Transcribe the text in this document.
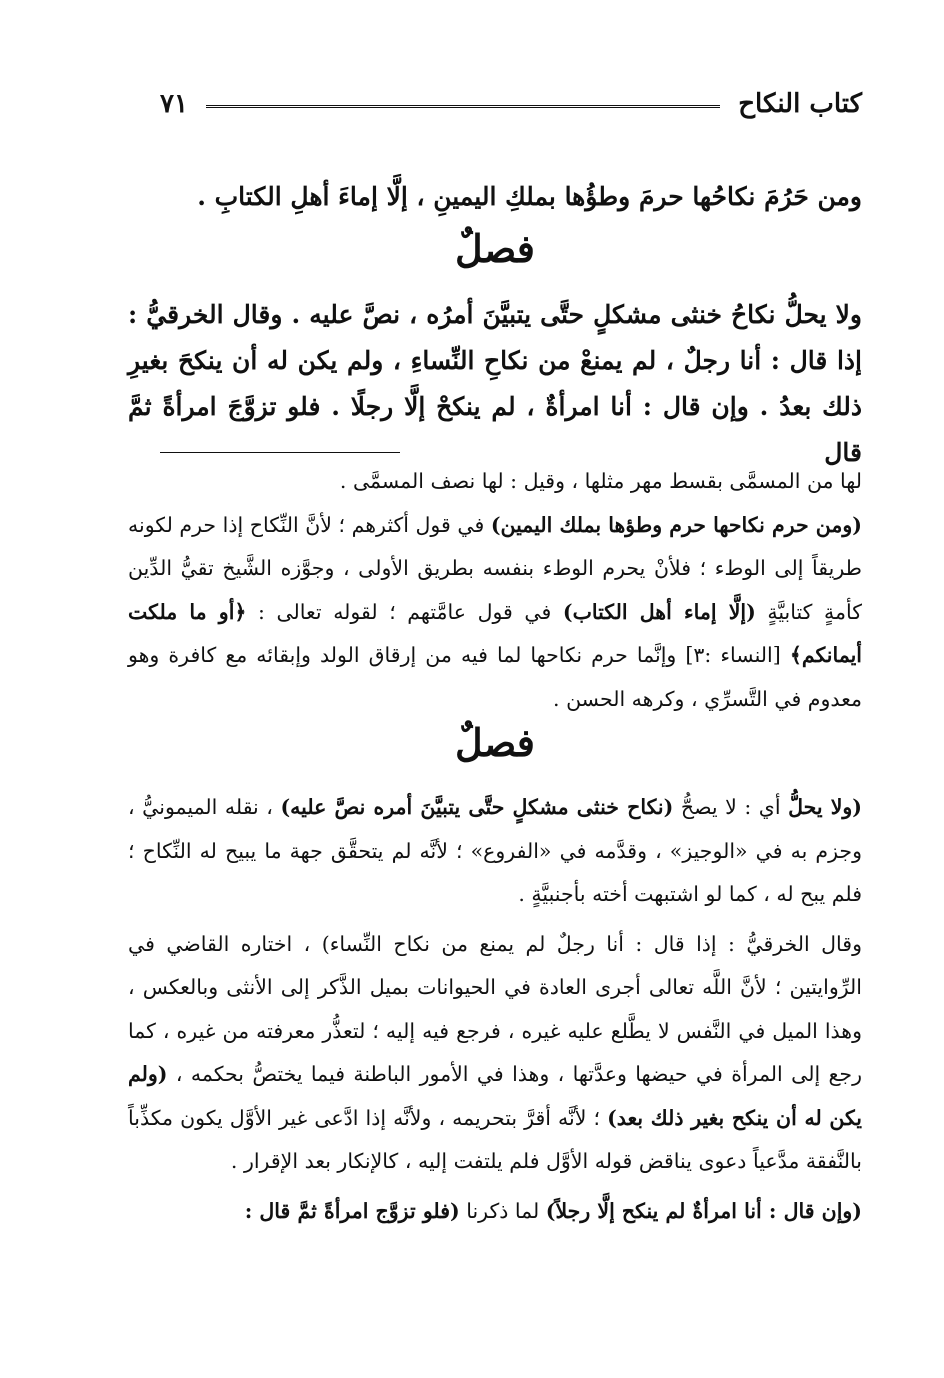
كتاب النكاح
٧١
ومن حَرُمَ نكاحُها حرمَ وطؤُها بملكِ اليمينِ ، إلَّا إماءَ أهلِ الكتابِ .
فصلٌ
ولا يحلُّ نكاحُ خنثى مشكلٍ حتَّى يتبيَّنَ أمرُه ، نصَّ عليه . وقال الخرقيُّ : إذا قال : أنا رجلٌ ، لم يمنعْ من نكاحِ النِّساءِ ، ولم يكن له أن ينكحَ بغيرِ ذلك بعدُ . وإن قال : أنا امرأةٌ ، لم ينكحْ إلَّا رجلًا . فلو تزوَّجَ امرأةً ثمَّ قال

لها من المسمَّى بقسط مهر مثلها ، وقيل : لها نصف المسمَّى .

(ومن حرم نكاحها حرم وطؤها بملك اليمين) في قول أكثرهم ؛ لأنَّ النِّكاح إذا حرم لكونه طريقاً إلى الوطء ؛ فلأنْ يحرم الوطء بنفسه بطريق الأولى ، وجوَّزه الشَّيخ تقيُّ الدِّين كأمةٍ كتابيَّةٍ (إلَّا إماء أهل الكتاب) في قول عامَّتهم ؛ لقوله تعالى : ﴿أو ما ملكت أيمانكم﴾ [النساء :٣] وإنَّما حرم نكاحها لما فيه من إرقاق الولد وإبقائه مع كافرة وهو معدوم في التَّسرِّي ، وكرهه الحسن .

فصلٌ

(ولا يحلُّ أي : لا يصحُّ (نكاح خنثى مشكلٍ حتَّى يتبيَّنَ أمره نصَّ عليه) ، نقله الميمونيُّ ، وجزم به في «الوجيز» ، وقدَّمه في «الفروع» ؛ لأنَّه لم يتحقَّق جهة ما يبيح له النِّكاح ؛ فلم يبح له ، كما لو اشتبهت أخته بأجنبيَّةٍ .

وقال الخرقيُّ : إذا قال : أنا رجلٌ لم يمنع من نكاح النِّساء) ، اختاره القاضي في الرِّوايتين ؛ لأنَّ اللَّه تعالى أجرى العادة في الحيوانات بميل الذَّكر إلى الأنثى وبالعكس ، وهذا الميل في النَّفس لا يطَّلع عليه غيره ، فرجع فيه إليه ؛ لتعذُّر معرفته من غيره ، كما رجع إلى المرأة في حيضها وعدَّتها ، وهذا في الأمور الباطنة فيما يختصُّ بحكمه ، (ولم يكن له أن ينكح بغير ذلك بعد) ؛ لأنَّه أقرَّ بتحريمه ، ولأنَّه إذا ادَّعى غير الأوَّل يكون مكذِّباً بالنَّفقة مدَّعياً دعوى يناقض قوله الأوَّل فلم يلتفت إليه ، كالإنكار بعد الإقرار .

(وإن قال : أنا امرأةٌ لم ينكح إلَّا رجلاً) لما ذكرنا (فلو تزوَّج امرأةً ثمَّ قال :
